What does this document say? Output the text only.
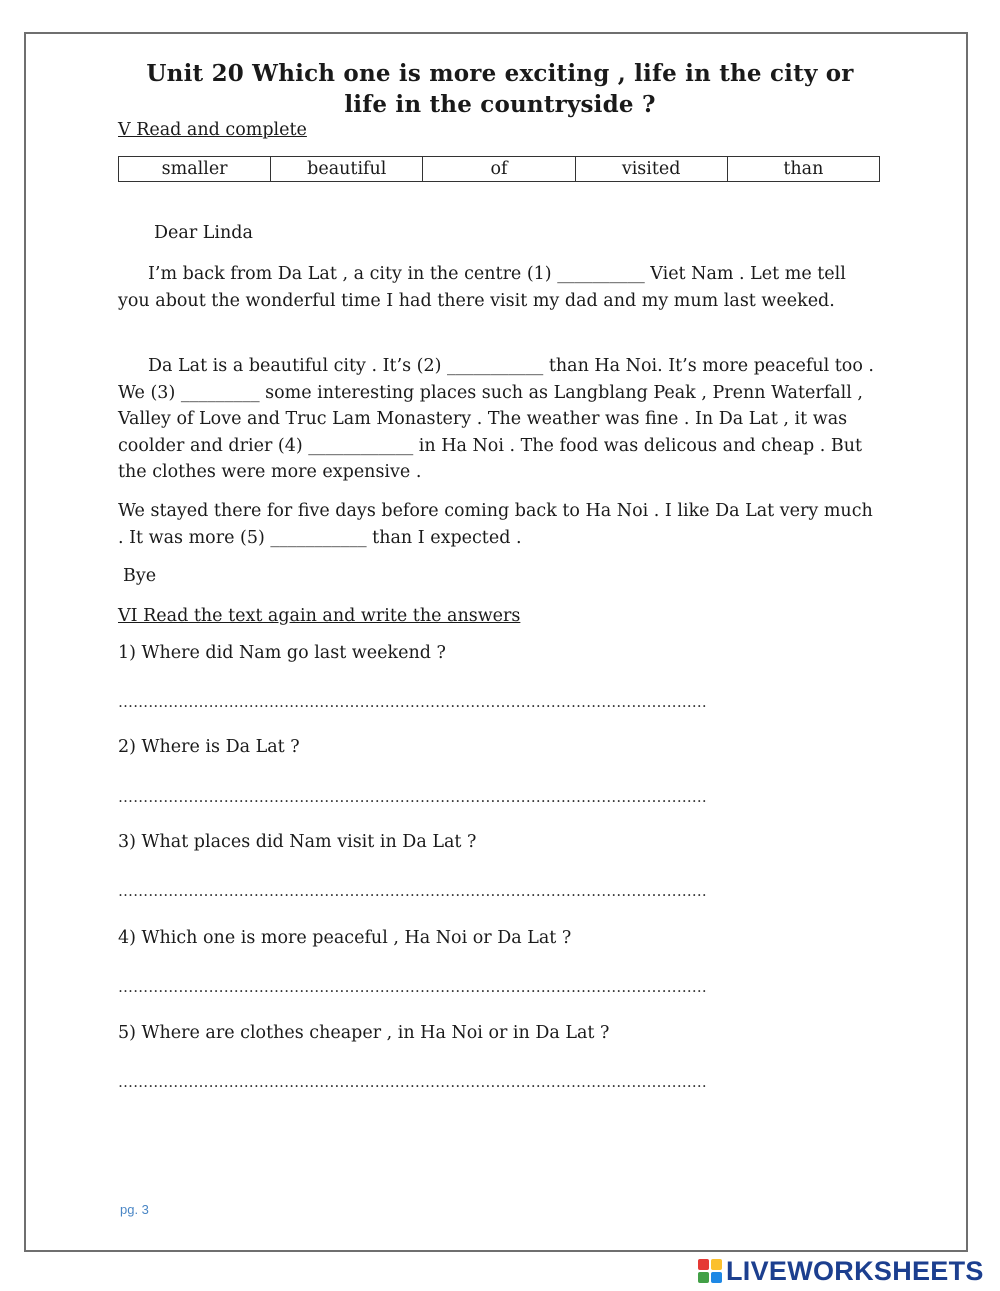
Unit 20 Which one is more exciting , life in the city or
life in the countryside ?
V Read and complete
smaller	beautiful	of	visited	than
Dear Linda
I’m back from Da Lat , a city in the centre (1) __________ Viet Nam . Let me tell you about the wonderful time I had there visit my dad and my mum last weeked.
Da Lat is a beautiful city . It’s (2) ___________ than Ha Noi. It’s more peaceful too . We (3) _________ some interesting places such as Langblang Peak , Prenn Waterfall , Valley of Love and Truc Lam Monastery . The weather was fine . In Da Lat , it was coolder and drier (4) ____________ in Ha Noi . The food was delicous and cheap . But the clothes were more expensive .
We stayed there for five days before coming back to Ha Noi . I like Da Lat very much . It was more (5) ___________ than I expected .
Bye
VI Read the text again and write the answers
1) Where did Nam go last weekend ?
………………………………………………………………………………………………………
2) Where is Da Lat ?
………………………………………………………………………………………………………
3) What places did Nam visit in Da Lat ?
………………………………………………………………………………………………………
4) Which one is more peaceful , Ha Noi or Da Lat ?
………………………………………………………………………………………………………
5) Where are clothes cheaper , in Ha Noi or in Da Lat ?
………………………………………………………………………………………………………
pg. 3
LIVEWORKSHEETS
